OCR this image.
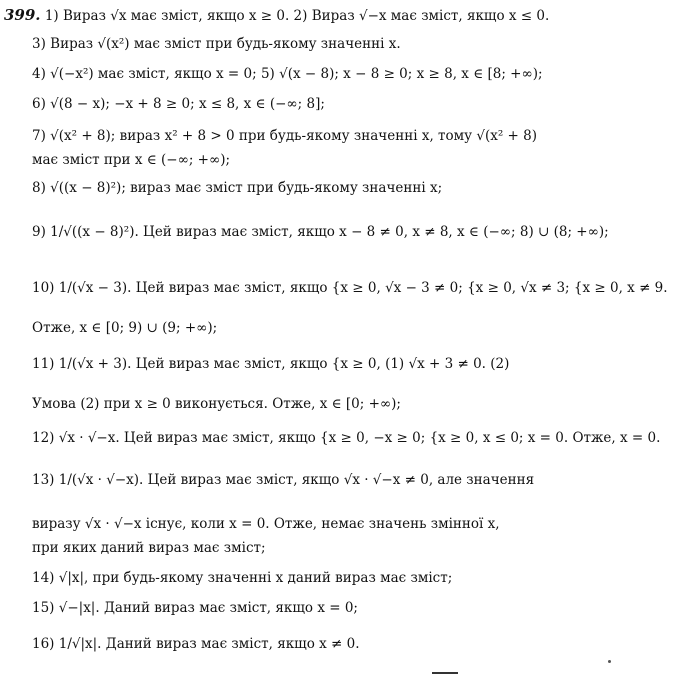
399. 1) Вираз √x має зміст, якщо x ≥ 0. 2) Вираз √−x має зміст, якщо x ≤ 0.
3) Вираз √(x²) має зміст при будь-якому значенні x.
4) √(−x²) має зміст, якщо x = 0; 5) √(x − 8); x − 8 ≥ 0; x ≥ 8, x ∈ [8; +∞);
6) √(8 − x); −x + 8 ≥ 0; x ≤ 8, x ∈ (−∞; 8];
7) √(x² + 8); вираз x² + 8 > 0 при будь-якому значенні x, тому √(x² + 8)
має зміст при x ∈ (−∞; +∞);
8) √((x − 8)²); вираз має зміст при будь-якому значенні x;
9) 1/√((x − 8)²). Цей вираз має зміст, якщо x − 8 ≠ 0, x ≠ 8, x ∈ (−∞; 8) ∪ (8; +∞);
10) 1/(√x − 3). Цей вираз має зміст, якщо {x ≥ 0, √x − 3 ≠ 0; {x ≥ 0, √x ≠ 3; {x ≥ 0, x ≠ 9.
Отже, x ∈ [0; 9) ∪ (9; +∞);
11) 1/(√x + 3). Цей вираз має зміст, якщо {x ≥ 0, (1) √x + 3 ≠ 0. (2)
Умова (2) при x ≥ 0 виконується. Отже, x ∈ [0; +∞);
12) √x · √−x. Цей вираз має зміст, якщо {x ≥ 0, −x ≥ 0; {x ≥ 0, x ≤ 0; x = 0. Отже, x = 0.
13) 1/(√x · √−x). Цей вираз має зміст, якщо √x · √−x ≠ 0, але значення
виразу √x · √−x існує, коли x = 0. Отже, немає значень змінної x,
при яких даний вираз має зміст;
14) √|x|, при будь-якому значенні x даний вираз має зміст;
15) √−|x|. Даний вираз має зміст, якщо x = 0;
16) 1/√|x|. Даний вираз має зміст, якщо x ≠ 0.
